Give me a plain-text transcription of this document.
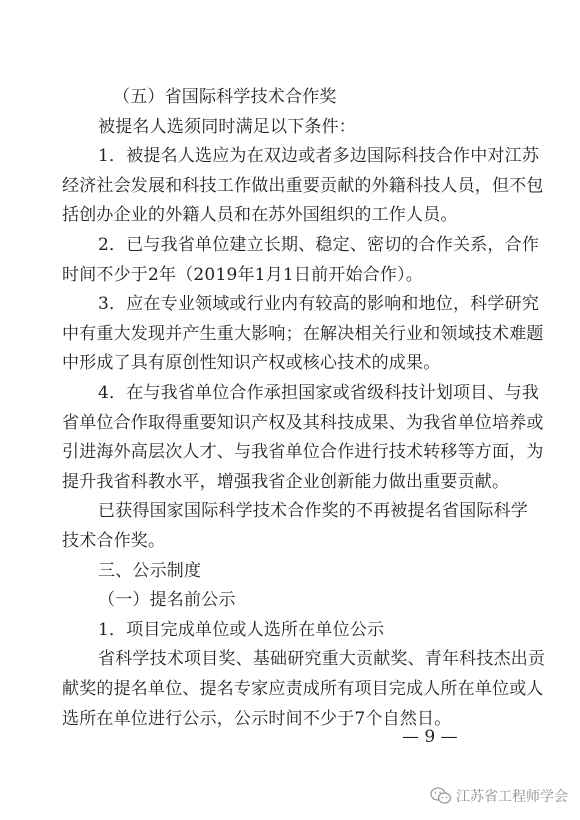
（五）省国际科学技术合作奖
被提名人选须同时满足以下条件：
1．被提名人选应为在双边或者多边国际科技合作中对江苏
经济社会发展和科技工作做出重要贡献的外籍科技人员，但不包
括创办企业的外籍人员和在苏外国组织的工作人员。
2．已与我省单位建立长期、稳定、密切的合作关系，合作
时间不少于2年（2019年1月1日前开始合作）。
3．应在专业领域或行业内有较高的影响和地位，科学研究
中有重大发现并产生重大影响；在解决相关行业和领域技术难题
中形成了具有原创性知识产权或核心技术的成果。
4．在与我省单位合作承担国家或省级科技计划项目、与我
省单位合作取得重要知识产权及其科技成果、为我省单位培养或
引进海外高层次人才、与我省单位合作进行技术转移等方面，为
提升我省科教水平，增强我省企业创新能力做出重要贡献。
已获得国家国际科学技术合作奖的不再被提名省国际科学
技术合作奖。
三、公示制度
（一）提名前公示
1．项目完成单位或人选所在单位公示
省科学技术项目奖、基础研究重大贡献奖、青年科技杰出贡
献奖的提名单位、提名专家应责成所有项目完成人所在单位或人
选所在单位进行公示，公示时间不少于7个自然日。
— 9 —
江苏省工程师学会
